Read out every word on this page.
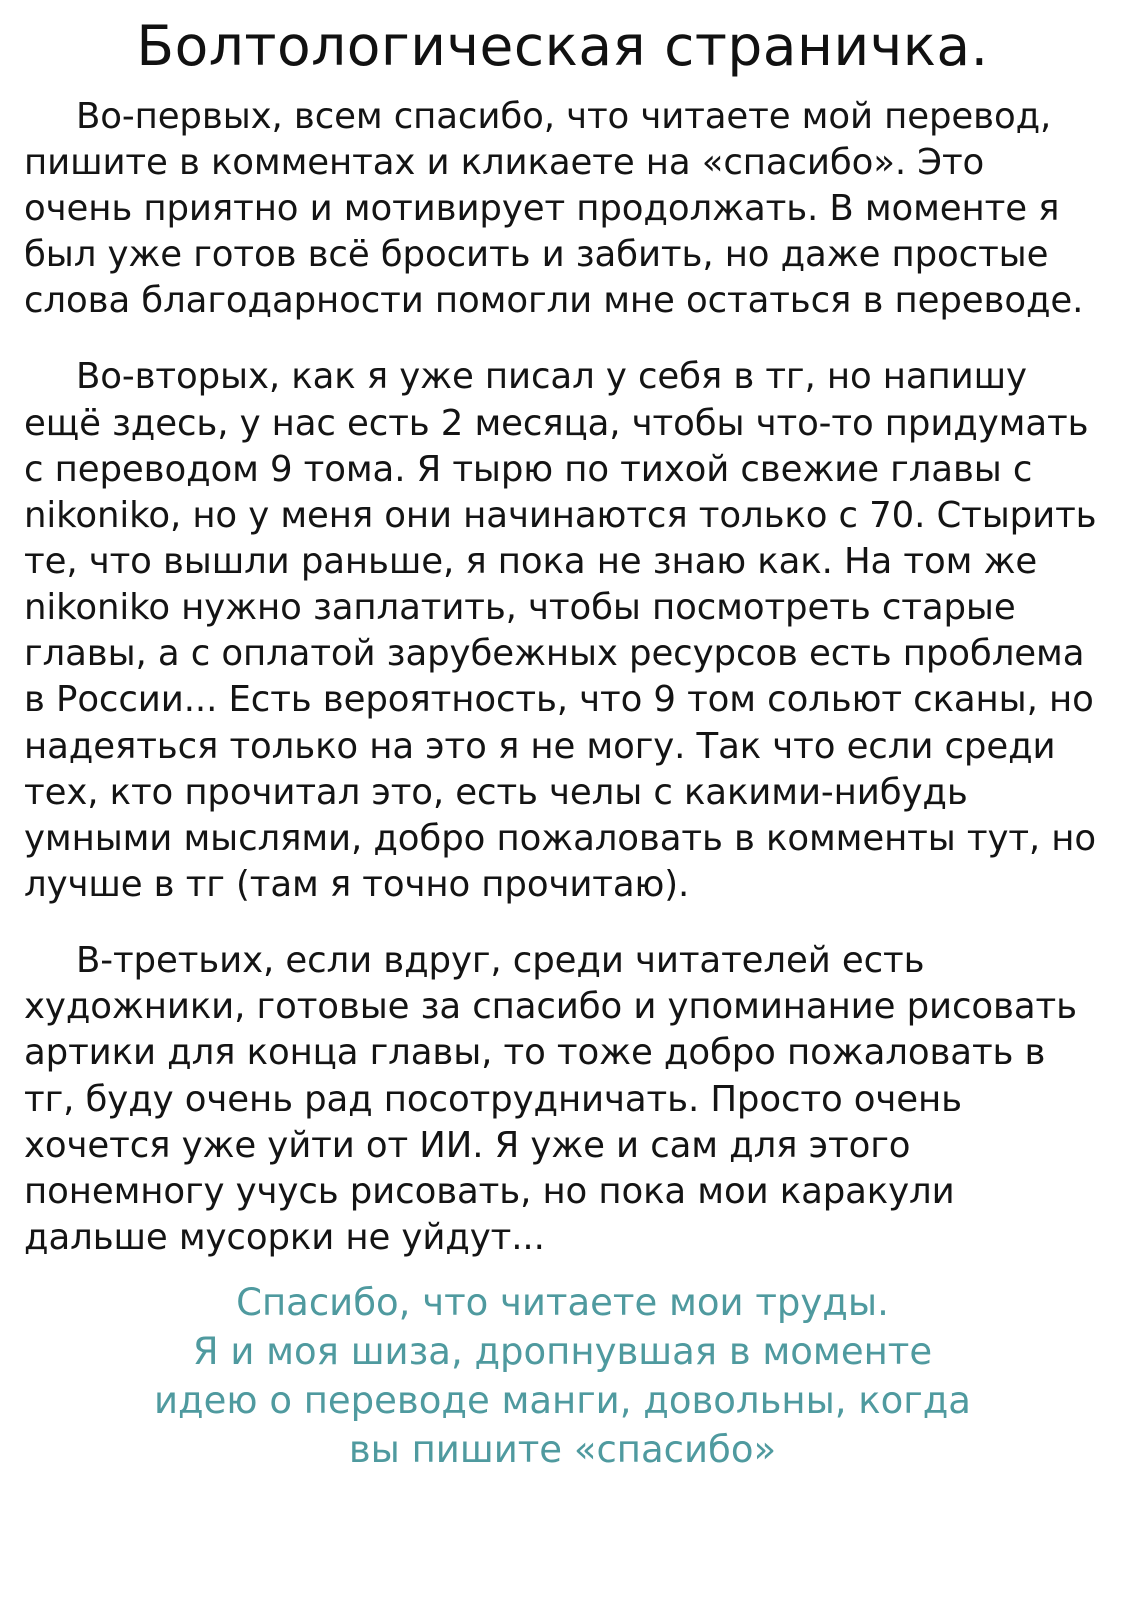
Болтологическая страничка.

Во-первых, всем спасибо, что читаете мой перевод, пишите в комментах и кликаете на «спасибо». Это очень приятно и мотивирует продолжать. В моменте я был уже готов всё бросить и забить, но даже простые слова благодарности помогли мне остаться в переводе.

Во-вторых, как я уже писал у себя в тг, но напишу ещё здесь, у нас есть 2 месяца, чтобы что-то придумать с переводом 9 тома. Я тырю по тихой свежие главы с nikoniko, но у меня они начинаются только с 70. Стырить те, что вышли раньше, я пока не знаю как. На том же nikoniko нужно заплатить, чтобы посмотреть старые главы, а с оплатой зарубежных ресурсов есть проблема в России... Есть вероятность, что 9 том сольют сканы, но надеяться только на это я не могу. Так что если среди тех, кто прочитал это, есть челы с какими-нибудь умными мыслями, добро пожаловать в комменты тут, но лучше в тг (там я точно прочитаю).

В-третьих, если вдруг, среди читателей есть художники, готовые за спасибо и упоминание рисовать артики для конца главы, то тоже добро пожаловать в тг, буду очень рад посотрудничать. Просто очень хочется уже уйти от ИИ. Я уже и сам для этого понемногу учусь рисовать, но пока мои каракули дальше мусорки не уйдут...

Спасибо, что читаете мои труды.
Я и моя шиза, дропнувшая в моменте
идею о переводе манги, довольны, когда
вы пишите «спасибо»
